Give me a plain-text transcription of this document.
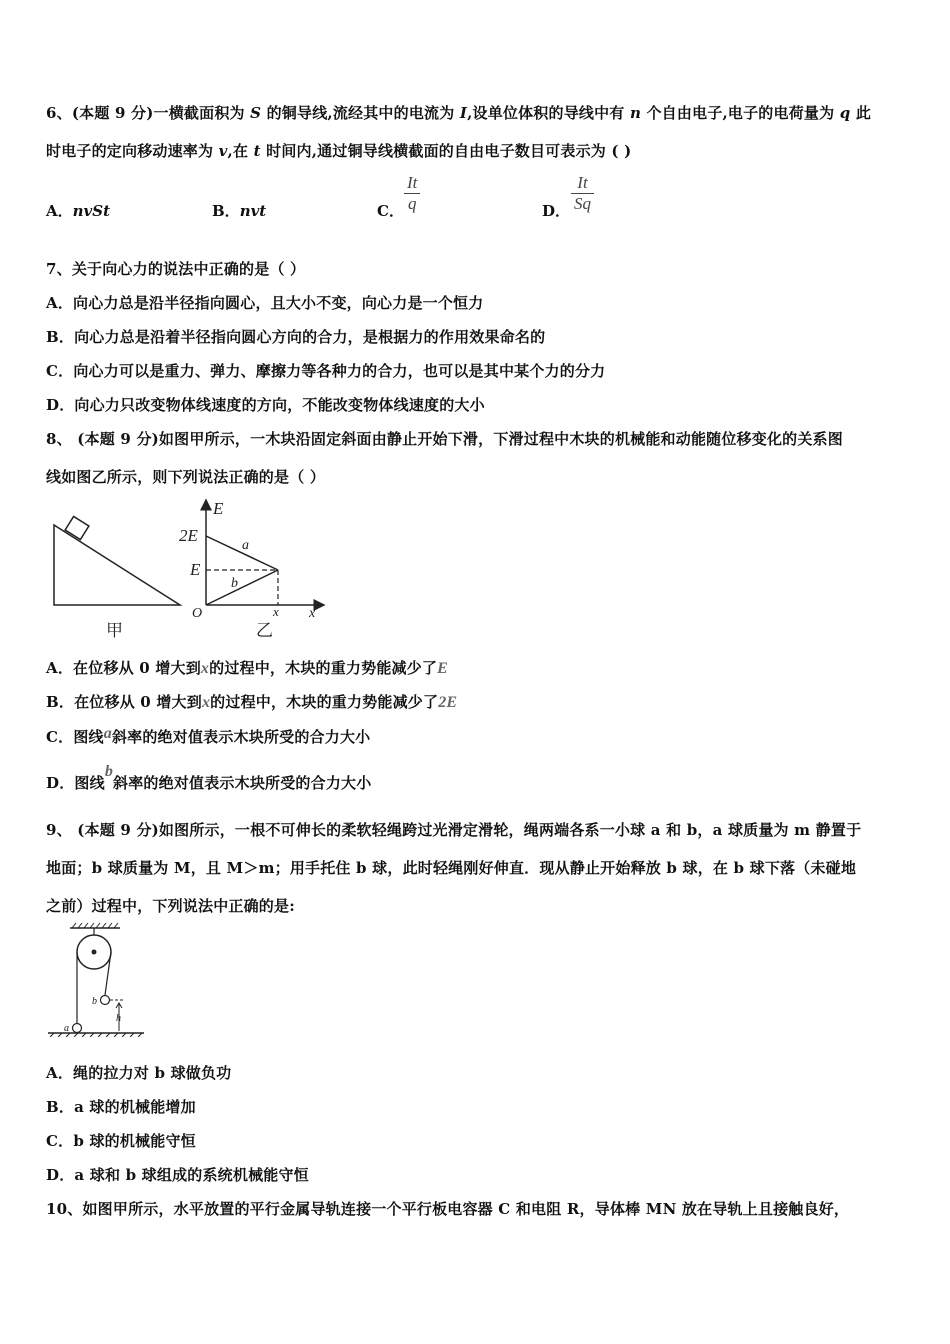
6、(本题 9 分)一横截面积为 S 的铜导线,流经其中的电流为 I,设单位体积的导线中有 n 个自由电子,电子的电荷量为 q 此
时电子的定向移动速率为 v,在 t 时间内,通过铜导线横截面的自由电子数目可表示为 ( )
A．nvSt	B．nvt	C． $\frac{It}{q}$	D． $\frac{It}{Sq}$
7、关于向心力的说法中正确的是（ ）
A．向心力总是沿半径指向圆心，且大小不变，向心力是一个恒力
B．向心力总是沿着半径指向圆心方向的合力，是根据力的作用效果命名的
C．向心力可以是重力、弹力、摩擦力等各种力的合力，也可以是其中某个力的分力
D．向心力只改变物体线速度的方向，不能改变物体线速度的大小
8、 (本题 9 分)如图甲所示，一木块沿固定斜面由静止开始下滑，下滑过程中木块的机械能和动能随位移变化的关系图
线如图乙所示，则下列说法正确的是（ ）
甲
E
2E
E
O	x x
a
b
乙
A．在位移从 0 增大到x的过程中，木块的重力势能减少了E
B．在位移从 0 增大到x的过程中，木块的重力势能减少了2E
C．图线a斜率的绝对值表示木块所受的合力大小
D．图线b斜率的绝对值表示木块所受的合力大小
9、 (本题 9 分)如图所示，一根不可伸长的柔软轻绳跨过光滑定滑轮，绳两端各系一小球 a 和 b，a 球质量为 m 静置于
地面；b 球质量为 M，且 M＞m；用手托住 b 球，此时轻绳刚好伸直．现从静止开始释放 b 球，在 b 球下落（未碰地
之前）过程中，下列说法中正确的是:
b
h
a
A．绳的拉力对 b 球做负功
B．a 球的机械能增加
C．b 球的机械能守恒
D．a 球和 b 球组成的系统机械能守恒
10、如图甲所示，水平放置的平行金属导轨连接一个平行板电容器 C 和电阻 R，导体棒 MN 放在导轨上且接触良好，
